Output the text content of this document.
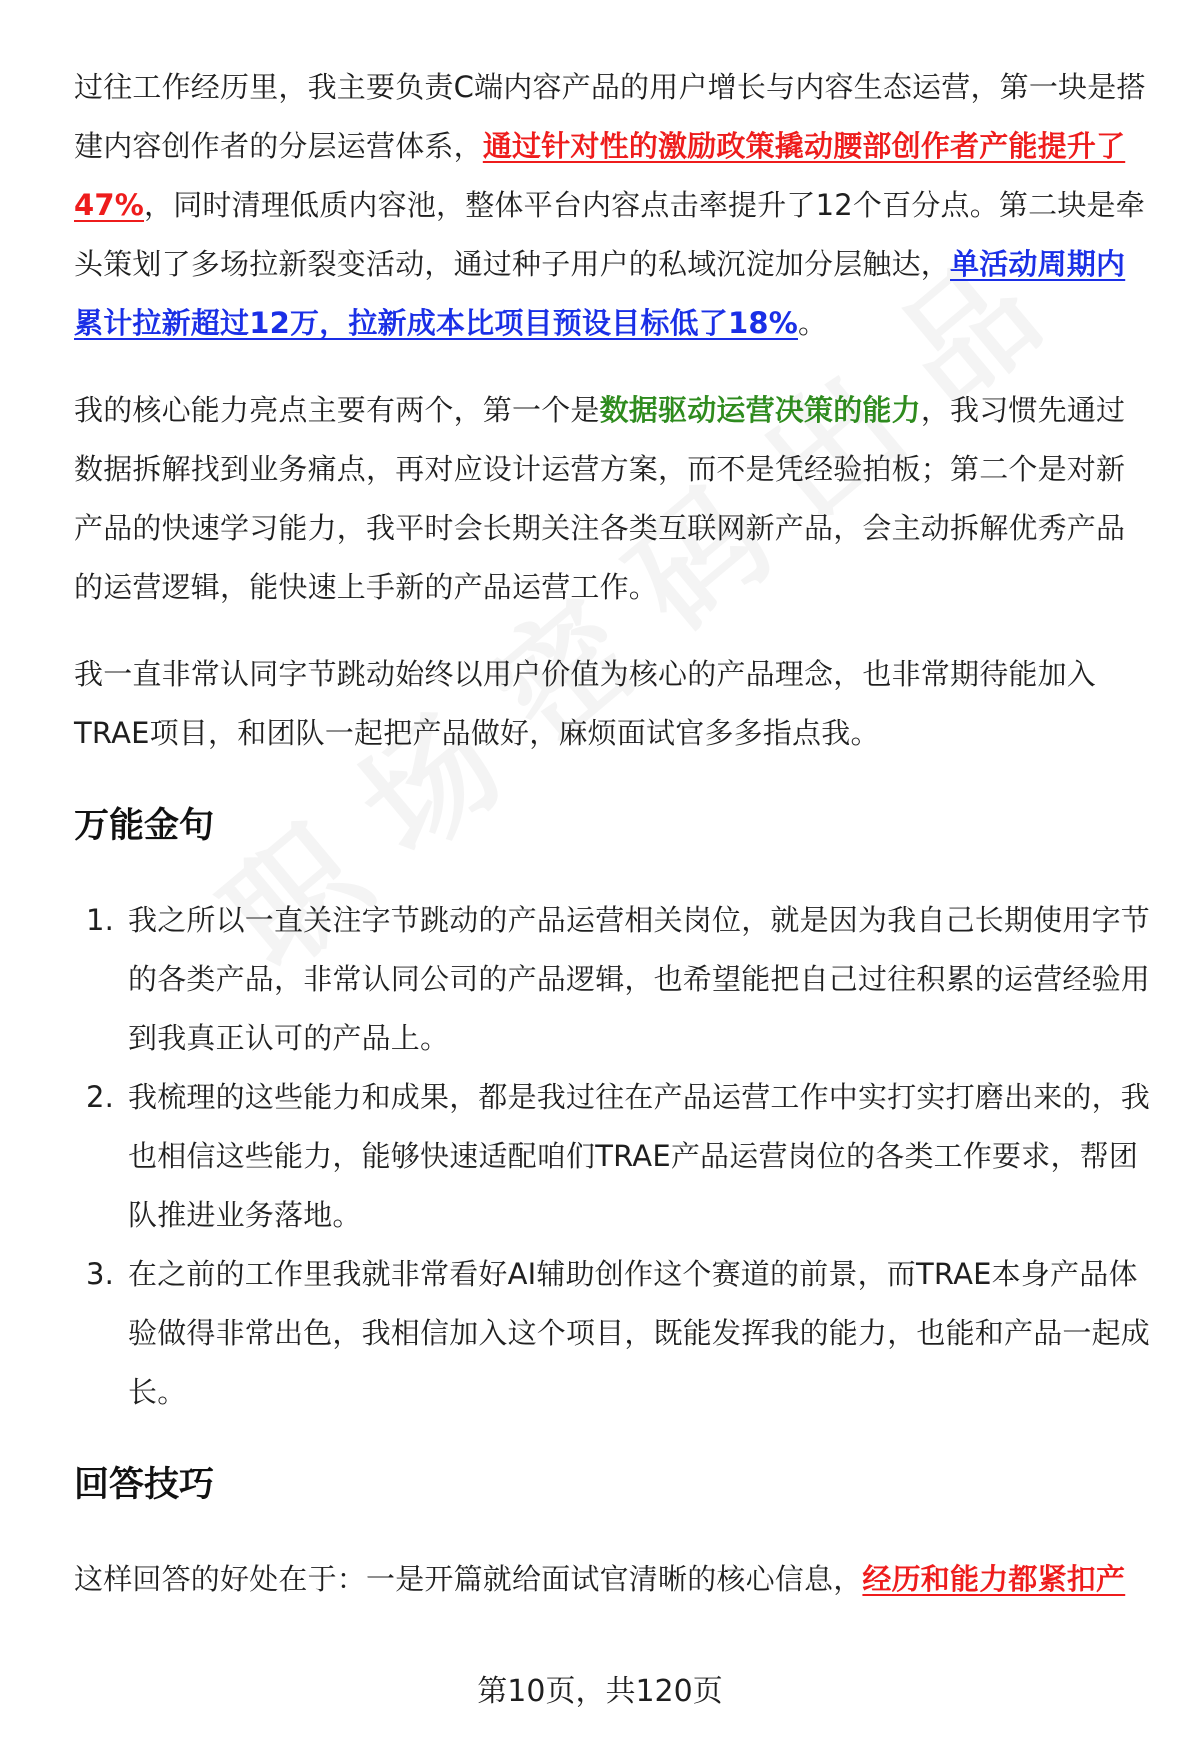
过往工作经历里，我主要负责C端内容产品的用户增长与内容生态运营，第一块是搭建内容创作者的分层运营体系，通过针对性的激励政策撬动腰部创作者产能提升了47%，同时清理低质内容池，整体平台内容点击率提升了12个百分点。第二块是牵头策划了多场拉新裂变活动，通过种子用户的私域沉淀加分层触达，单活动周期内累计拉新超过12万，拉新成本比项目预设目标低了18%。

我的核心能力亮点主要有两个，第一个是数据驱动运营决策的能力，我习惯先通过数据拆解找到业务痛点，再对应设计运营方案，而不是凭经验拍板；第二个是对新产品的快速学习能力，我平时会长期关注各类互联网新产品，会主动拆解优秀产品的运营逻辑，能快速上手新的产品运营工作。

我一直非常认同字节跳动始终以用户价值为核心的产品理念，也非常期待能加入TRAE项目，和团队一起把产品做好，麻烦面试官多多指点我。

万能金句
1. 我之所以一直关注字节跳动的产品运营相关岗位，就是因为我自己长期使用字节的各类产品，非常认同公司的产品逻辑，也希望能把自己过往积累的运营经验用到我真正认可的产品上。
2. 我梳理的这些能力和成果，都是我过往在产品运营工作中实打实打磨出来的，我也相信这些能力，能够快速适配咱们TRAE产品运营岗位的各类工作要求，帮团队推进业务落地。
3. 在之前的工作里我就非常看好AI辅助创作这个赛道的前景，而TRAE本身产品体验做得非常出色，我相信加入这个项目，既能发挥我的能力，也能和产品一起成长。
回答技巧

这样回答的好处在于：一是开篇就给面试官清晰的核心信息，经历和能力都紧扣产

第10页，共120页
